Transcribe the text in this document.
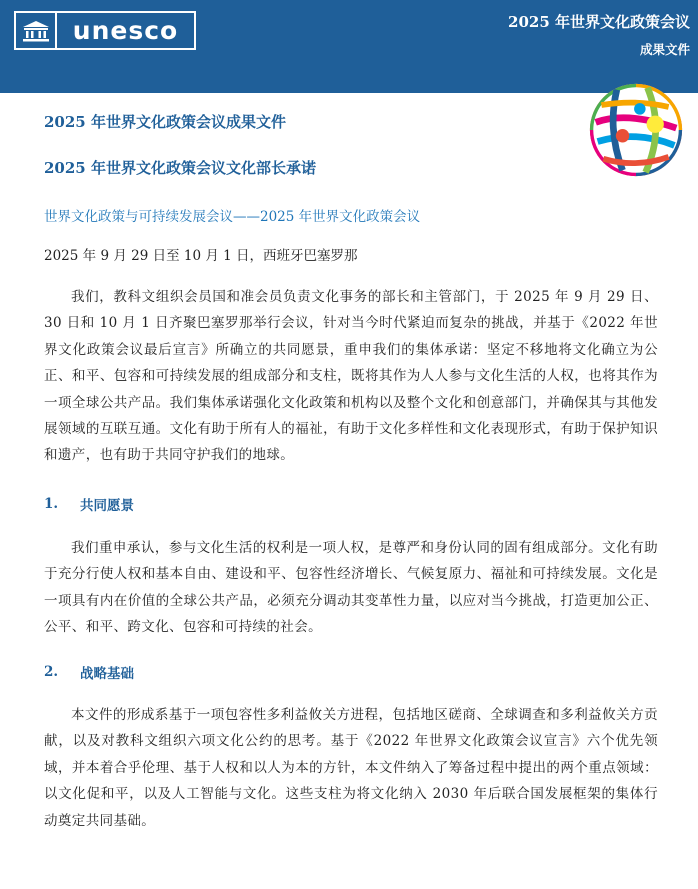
unesco	2025 年世界文化政策会议
成果文件
2025 年世界文化政策会议成果文件
2025 年世界文化政策会议文化部长承诺
世界文化政策与可持续发展会议——2025 年世界文化政策会议
2025 年 9 月 29 日至 10 月 1 日，西班牙巴塞罗那

我们，教科文组织会员国和准会员负责文化事务的部长和主管部门，于 2025 年 9 月 29 日、30 日和 10 月 1 日齐聚巴塞罗那举行会议，针对当今时代紧迫而复杂的挑战，并基于《2022 年世界文化政策会议最后宣言》所确立的共同愿景，重申我们的集体承诺：坚定不移地将文化确立为公正、和平、包容和可持续发展的组成部分和支柱，既将其作为人人参与文化生活的人权，也将其作为一项全球公共产品。我们集体承诺强化文化政策和机构以及整个文化和创意部门，并确保其与其他发展领域的互联互通。文化有助于所有人的福祉，有助于文化多样性和文化表现形式，有助于保护知识和遗产，也有助于共同守护我们的地球。

1.	共同愿景

我们重申承认，参与文化生活的权利是一项人权，是尊严和身份认同的固有组成部分。文化有助于充分行使人权和基本自由、建设和平、包容性经济增长、气候复原力、福祉和可持续发展。文化是一项具有内在价值的全球公共产品，必须充分调动其变革性力量，以应对当今挑战，打造更加公正、公平、和平、跨文化、包容和可持续的社会。

2.	战略基础

本文件的形成系基于一项包容性多利益攸关方进程，包括地区磋商、全球调查和多利益攸关方贡献，以及对教科文组织六项文化公约的思考。基于《2022 年世界文化政策会议宣言》六个优先领域，并本着合乎伦理、基于人权和以人为本的方针，本文件纳入了筹备过程中提出的两个重点领域：以文化促和平，以及人工智能与文化。这些支柱为将文化纳入 2030 年后联合国发展框架的集体行动奠定共同基础。
